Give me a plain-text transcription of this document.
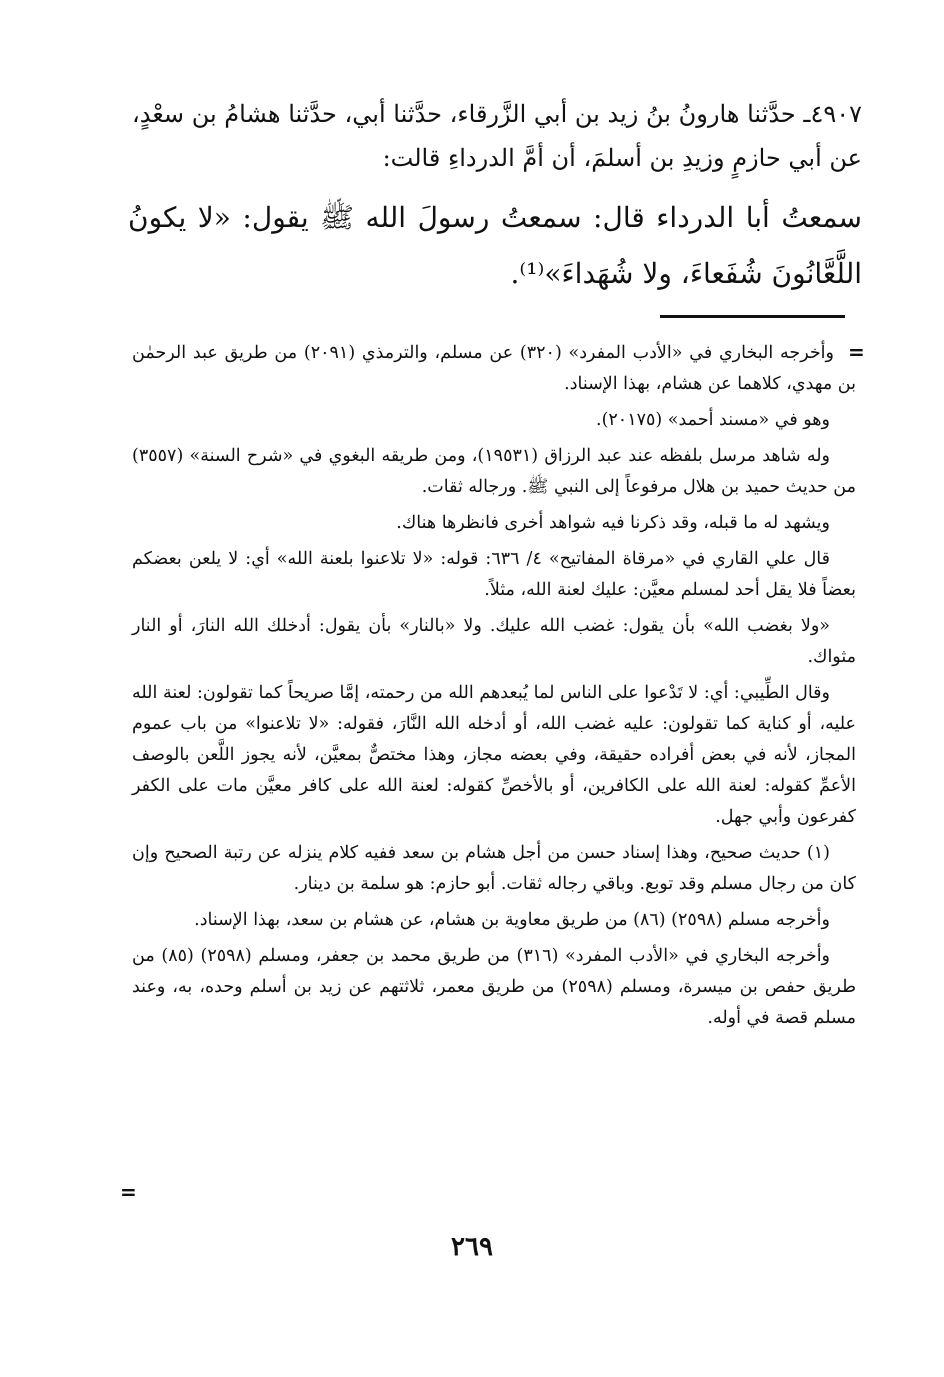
٤٩٠٧ـ حدَّثنا هارونُ بنُ زيد بن أبي الزَّرقاء، حدَّثنا أبي، حدَّثنا هشامُ بن سعْدٍ، عن أبي حازمٍ وزيدِ بن أسلمَ، أن أمَّ الدرداءِ قالت:

سمعتُ أبا الدرداء قال: سمعتُ رسولَ الله ﷺ يقول: «لا يكونُ اللَّعَّانُونَ شُفَعاءَ، ولا شُهَداءَ»⁽¹⁾.

=

وأخرجه البخاري في «الأدب المفرد» (٣٢٠) عن مسلم، والترمذي (٢٠٩١) من طريق عبد الرحمٰن بن مهدي، كلاهما عن هشام، بهذا الإسناد.

وهو في «مسند أحمد» (٢٠١٧٥).

وله شاهد مرسل بلفظه عند عبد الرزاق (١٩٥٣١)، ومن طريقه البغوي في «شرح السنة» (٣٥٥٧) من حديث حميد بن هلال مرفوعاً إلى النبي ﷺ. ورجاله ثقات.

ويشهد له ما قبله، وقد ذكرنا فيه شواهد أخرى فانظرها هناك.

قال علي القاري في «مرقاة المفاتيح» ٤/ ٦٣٦: قوله: «لا تلاعنوا بلعنة الله» أي: لا يلعن بعضكم بعضاً فلا يقل أحد لمسلم معيَّن: عليك لعنة الله، مثلاً.

«ولا بغضب الله» بأن يقول: غضب الله عليك. ولا «بالنار» بأن يقول: أدخلك الله النارَ، أو النار مثواك.

وقال الطِّيبي: أي: لا تَدْعوا على الناس لما يُبعدهم الله من رحمته، إمَّا صريحاً كما تقولون: لعنة الله عليه، أو كناية كما تقولون: عليه غضب الله، أو أدخله الله النَّارَ، فقوله: «لا تلاعنوا» من باب عموم المجاز، لأنه في بعض أفراده حقيقة، وفي بعضه مجاز، وهذا مختصٌّ بمعيَّن، لأنه يجوز اللَّعن بالوصف الأعمِّ كقوله: لعنة الله على الكافرين، أو بالأخصِّ كقوله: لعنة الله على كافر معيَّن مات على الكفر كفرعون وأبي جهل.

(١) حديث صحيح، وهذا إسناد حسن من أجل هشام بن سعد ففيه كلام ينزله عن رتبة الصحيح وإن كان من رجال مسلم وقد توبع. وباقي رجاله ثقات. أبو حازم: هو سلمة بن دينار.

وأخرجه مسلم (٢٥٩٨) (٨٦) من طريق معاوية بن هشام، عن هشام بن سعد، بهذا الإسناد.

وأخرجه البخاري في «الأدب المفرد» (٣١٦) من طريق محمد بن جعفر، ومسلم (٢٥٩٨) (٨٥) من طريق حفص بن ميسرة، ومسلم (٢٥٩٨) من طريق معمر، ثلاثتهم عن زيد بن أسلم وحده، به، وعند مسلم قصة في أوله.

=
٢٦٩
